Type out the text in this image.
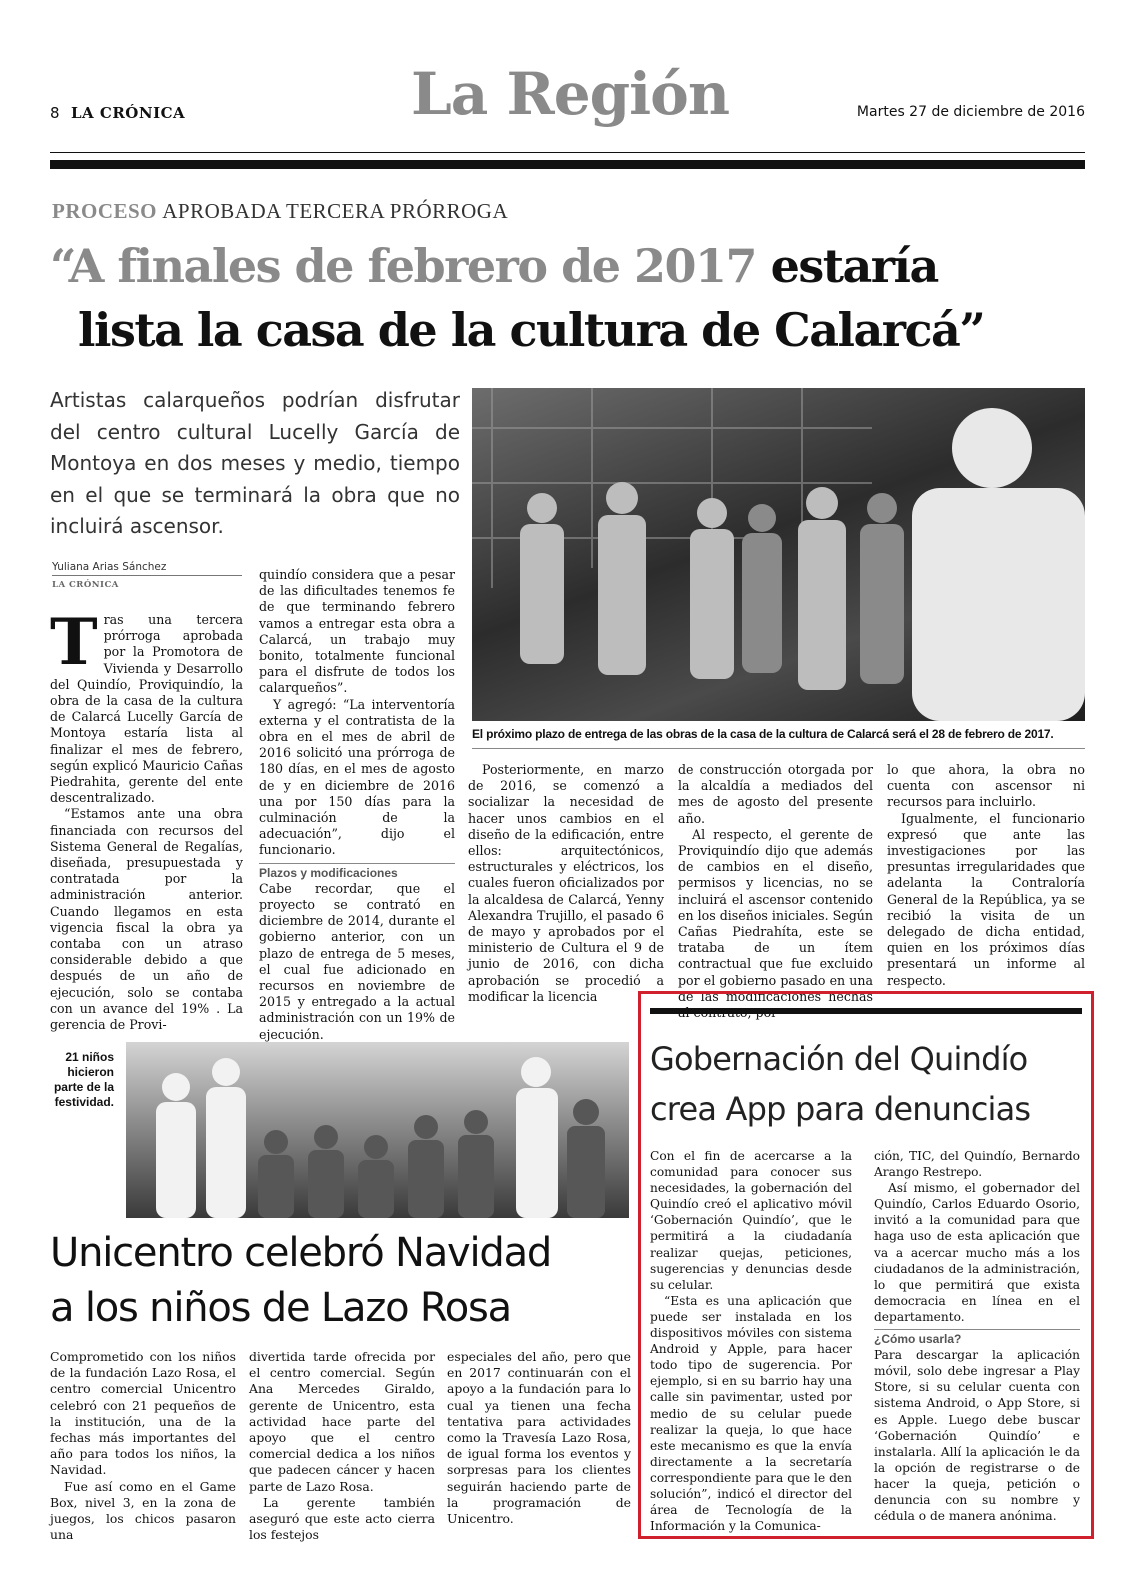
8 LA CRÓNICA	La Región	Martes 27 de diciembre de 2016
PROCESO APROBADA TERCERA PRÓRROGA
“A finales de febrero de 2017 estaría
lista la casa de la cultura de Calarcá”
Artistas calarqueños podrían disfrutar del centro cultural Lucelly García de Montoya en dos meses y medio, tiempo en el que se terminará la obra que no incluirá ascensor.
Yuliana Arias Sánchez
LA CRÓNICA
T ras una tercera prórroga aprobada por la Promotora de Vivienda y Desarrollo del Quindío, Proviquindío, la obra de la casa de la cultura de Calarcá Lucelly García de Montoya estaría lista al finalizar el mes de febrero, según explicó Mauricio Cañas Piedrahita, gerente del ente descentralizado.

“Estamos ante una obra financiada con recursos del Sistema General de Regalías, diseñada, presupuestada y contratada por la administración anterior. Cuando llegamos en esta vigencia fiscal la obra ya contaba con un atraso considerable debido a que después de un año de ejecución, solo se contaba con un avance del 19% . La gerencia de Provi-

quindío considera que a pesar de las dificultades tenemos fe de que terminando febrero vamos a entregar esta obra a Calarcá, un trabajo muy bonito, totalmente funcional para el disfrute de todos los calarqueños”.

Y agregó: “La interventoría externa y el contratista de la obra en el mes de abril de 2016 solicitó una prórroga de 180 días, en el mes de agosto de y en diciembre de 2016 una por 150 días para la culminación de la adecuación”, dijo el funcionario.

Plazos y modificaciones

Cabe recordar, que el proyecto se contrató en diciembre de 2014, durante el gobierno anterior, con un plazo de entrega de 5 meses, el cual fue adicionado en recursos en noviembre de 2015 y entregado a la actual administración con un 19% de ejecución.

El próximo plazo de entrega de las obras de la casa de la cultura de Calarcá será el 28 de febrero de 2017.

Posteriormente, en marzo de 2016, se comenzó a socializar la necesidad de hacer unos cambios en el diseño de la edificación, entre ellos: arquitectónicos, estructurales y eléctricos, los cuales fueron oficializados por la alcaldesa de Calarcá, Yenny Alexandra Trujillo, el pasado 6 de mayo y aprobados por el ministerio de Cultura el 9 de junio de 2016, con dicha aprobación se procedió a modificar la licencia

de construcción otorgada por la alcaldía a mediados del mes de agosto del presente año.

Al respecto, el gerente de Proviquindío dijo que además de cambios en el diseño, permisos y licencias, no se incluirá el ascensor contenido en los diseños iniciales. Según Cañas Piedrahíta, este se trataba de un ítem contractual que fue excluido por el gobierno pasado en una de las modificaciones hechas

lo que ahora, la obra no cuenta con ascensor ni recursos para incluirlo.

Igualmente, el funcionario expresó que ante las investigaciones por las presuntas irregularidades que adelanta la Contraloría General de la República, ya se recibió la visita de un delegado de dicha entidad, quien en los próximos días presentará un informe al respecto.

21 niños hicieron parte de la festividad.
Unicentro celebró Navidad
a los niños de Lazo Rosa

Comprometido con los niños de la fundación Lazo Rosa, el centro comercial Unicentro celebró con 21 pequeños de la institución, una de la fechas más importantes del año para todos los niños, la Navidad.

Fue así como en el Game Box, nivel 3, en la zona de juegos, los chicos pasaron una

divertida tarde ofrecida por el centro comercial. Según Ana Mercedes Giraldo, gerente de Unicentro, esta actividad hace parte del apoyo que el centro comercial dedica a los niños que padecen cáncer y hacen parte de Lazo Rosa.

La gerente también aseguró que este acto cierra los festejos

especiales del año, pero que en 2017 continuarán con el apoyo a la fundación para lo cual ya tienen una fecha tentativa para actividades como la Travesía Lazo Rosa, de igual forma los eventos y sorpresas para los clientes seguirán haciendo parte de la programación de Unicentro.

Gobernación del Quindío
crea App para denuncias

Con el fin de acercarse a la comunidad para conocer sus necesidades, la gobernación del Quindío creó el aplicativo móvil ‘Gobernación Quindío’, que le permitirá a la ciudadanía realizar quejas, peticiones, sugerencias y denuncias desde su celular.

“Esta es una aplicación que puede ser instalada en los dispositivos móviles con sistema Android y Apple, para hacer todo tipo de sugerencia. Por ejemplo, si en su barrio hay una calle sin pavimentar, usted por medio de su celular puede realizar la queja, lo que hace este mecanismo es que la envía directamente a la secretaría correspondiente para que le den solución”, indicó el director del área de Tecnología de la Información y la Comunica-

ción, TIC, del Quindío, Bernardo Arango Restrepo.

Así mismo, el gobernador del Quindío, Carlos Eduardo Osorio, invitó a la comunidad para que haga uso de esta aplicación que va a acercar mucho más a los ciudadanos de la administración, lo que permitirá que exista democracia en línea en el departamento.

¿Cómo usarla?

Para descargar la aplicación móvil, solo debe ingresar a Play Store, si su celular cuenta con sistema Android, o App Store, si es Apple. Luego debe buscar ‘Gobernación Quindío’ e instalarla. Allí la aplicación le da la opción de registrarse o de hacer la queja, petición o denuncia con su nombre y cédula o de manera anónima.
